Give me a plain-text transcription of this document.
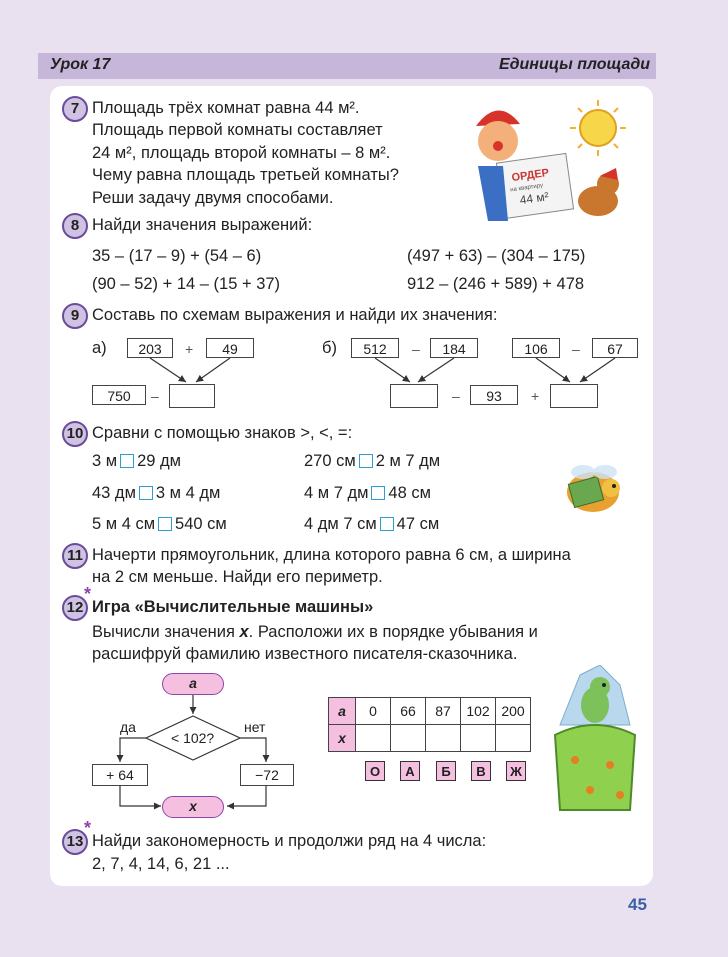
Урок 17	Единицы площади
7 Площадь трёх комнат равна 44 м².
Площадь первой комнаты составляет
24 м², площадь второй комнаты – 8 м².
Чему равна площадь третьей комнаты?
Реши задачу двумя способами.
ОРДЕР
на квартиру
44 м²
8 Найди значения выражений:
35 – (17 – 9) + (54 – 6)	(497 + 63) – (304 – 175)
(90 – 52) + 14 – (15 + 37)	912 – (246 + 589) + 478
9 Составь по схемам выражения и найди их значения:
а)	203	+	49
750	–
б)	512	–	184	106	–	67
–	93	+
10 Сравни с помощью знаков >, <, =:
3 м 29 дм	270 см 2 м 7 дм
43 дм 3 м 4 дм	4 м 7 дм 48 см
5 м 4 см 540 см	4 дм 7 см 47 см
11 Начерти прямоугольник, длина которого равна 6 см, а ширина
на 2 см меньше. Найди его периметр.
12
*
Игра «Вычислительные машины»
Вычисли значения x. Расположи их в порядке убывания и
расшифруй фамилию известного писателя-сказочника.
a
< 102?
да	нет
+ 64	−72
x
a	0	66	87	102	200
x					
О	А	Б	В	Ж
13
*
Найди закономерность и продолжи ряд на 4 числа:
2, 7, 4, 14, 6, 21 ...
45
